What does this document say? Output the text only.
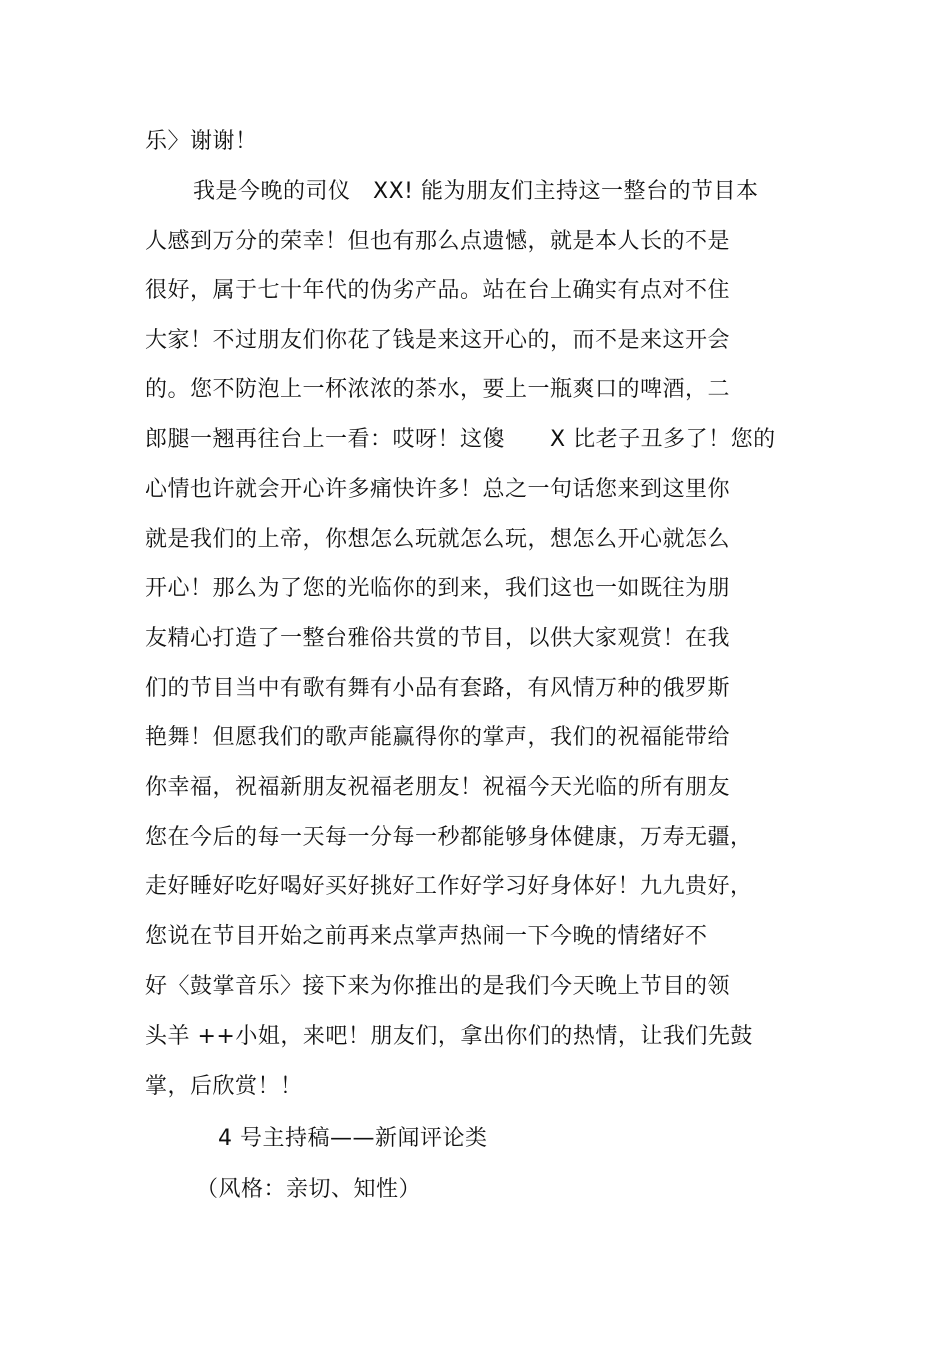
乐〉谢谢！
我是今晚的司仪　XX! 能为朋友们主持这一整台的节目本
人感到万分的荣幸！但也有那么点遗憾，就是本人长的不是
很好，属于七十年代的伪劣产品。站在台上确实有点对不住
大家！不过朋友们你花了钱是来这开心的，而不是来这开会
的。您不防泡上一杯浓浓的茶水，要上一瓶爽口的啤酒，二
郎腿一翘再往台上一看：哎呀！这傻　　X 比老子丑多了！您的
心情也许就会开心许多痛快许多！总之一句话您来到这里你
就是我们的上帝，你想怎么玩就怎么玩，想怎么开心就怎么
开心！那么为了您的光临你的到来，我们这也一如既往为朋
友精心打造了一整台雅俗共赏的节目，以供大家观赏！在我
们的节目当中有歌有舞有小品有套路，有风情万种的俄罗斯
艳舞！但愿我们的歌声能赢得你的掌声，我们的祝福能带给
你幸福，祝福新朋友祝福老朋友！祝福今天光临的所有朋友
您在今后的每一天每一分每一秒都能够身体健康，万寿无疆，
走好睡好吃好喝好买好挑好工作好学习好身体好！九九贵好，
您说在节目开始之前再来点掌声热闹一下今晚的情绪好不
好〈鼓掌音乐〉接下来为你推出的是我们今天晚上节目的领
头羊 ++小姐，来吧！朋友们，拿出你们的热情，让我们先鼓
掌，后欣赏！！
4 号主持稿——新闻评论类
（风格：亲切、知性）
